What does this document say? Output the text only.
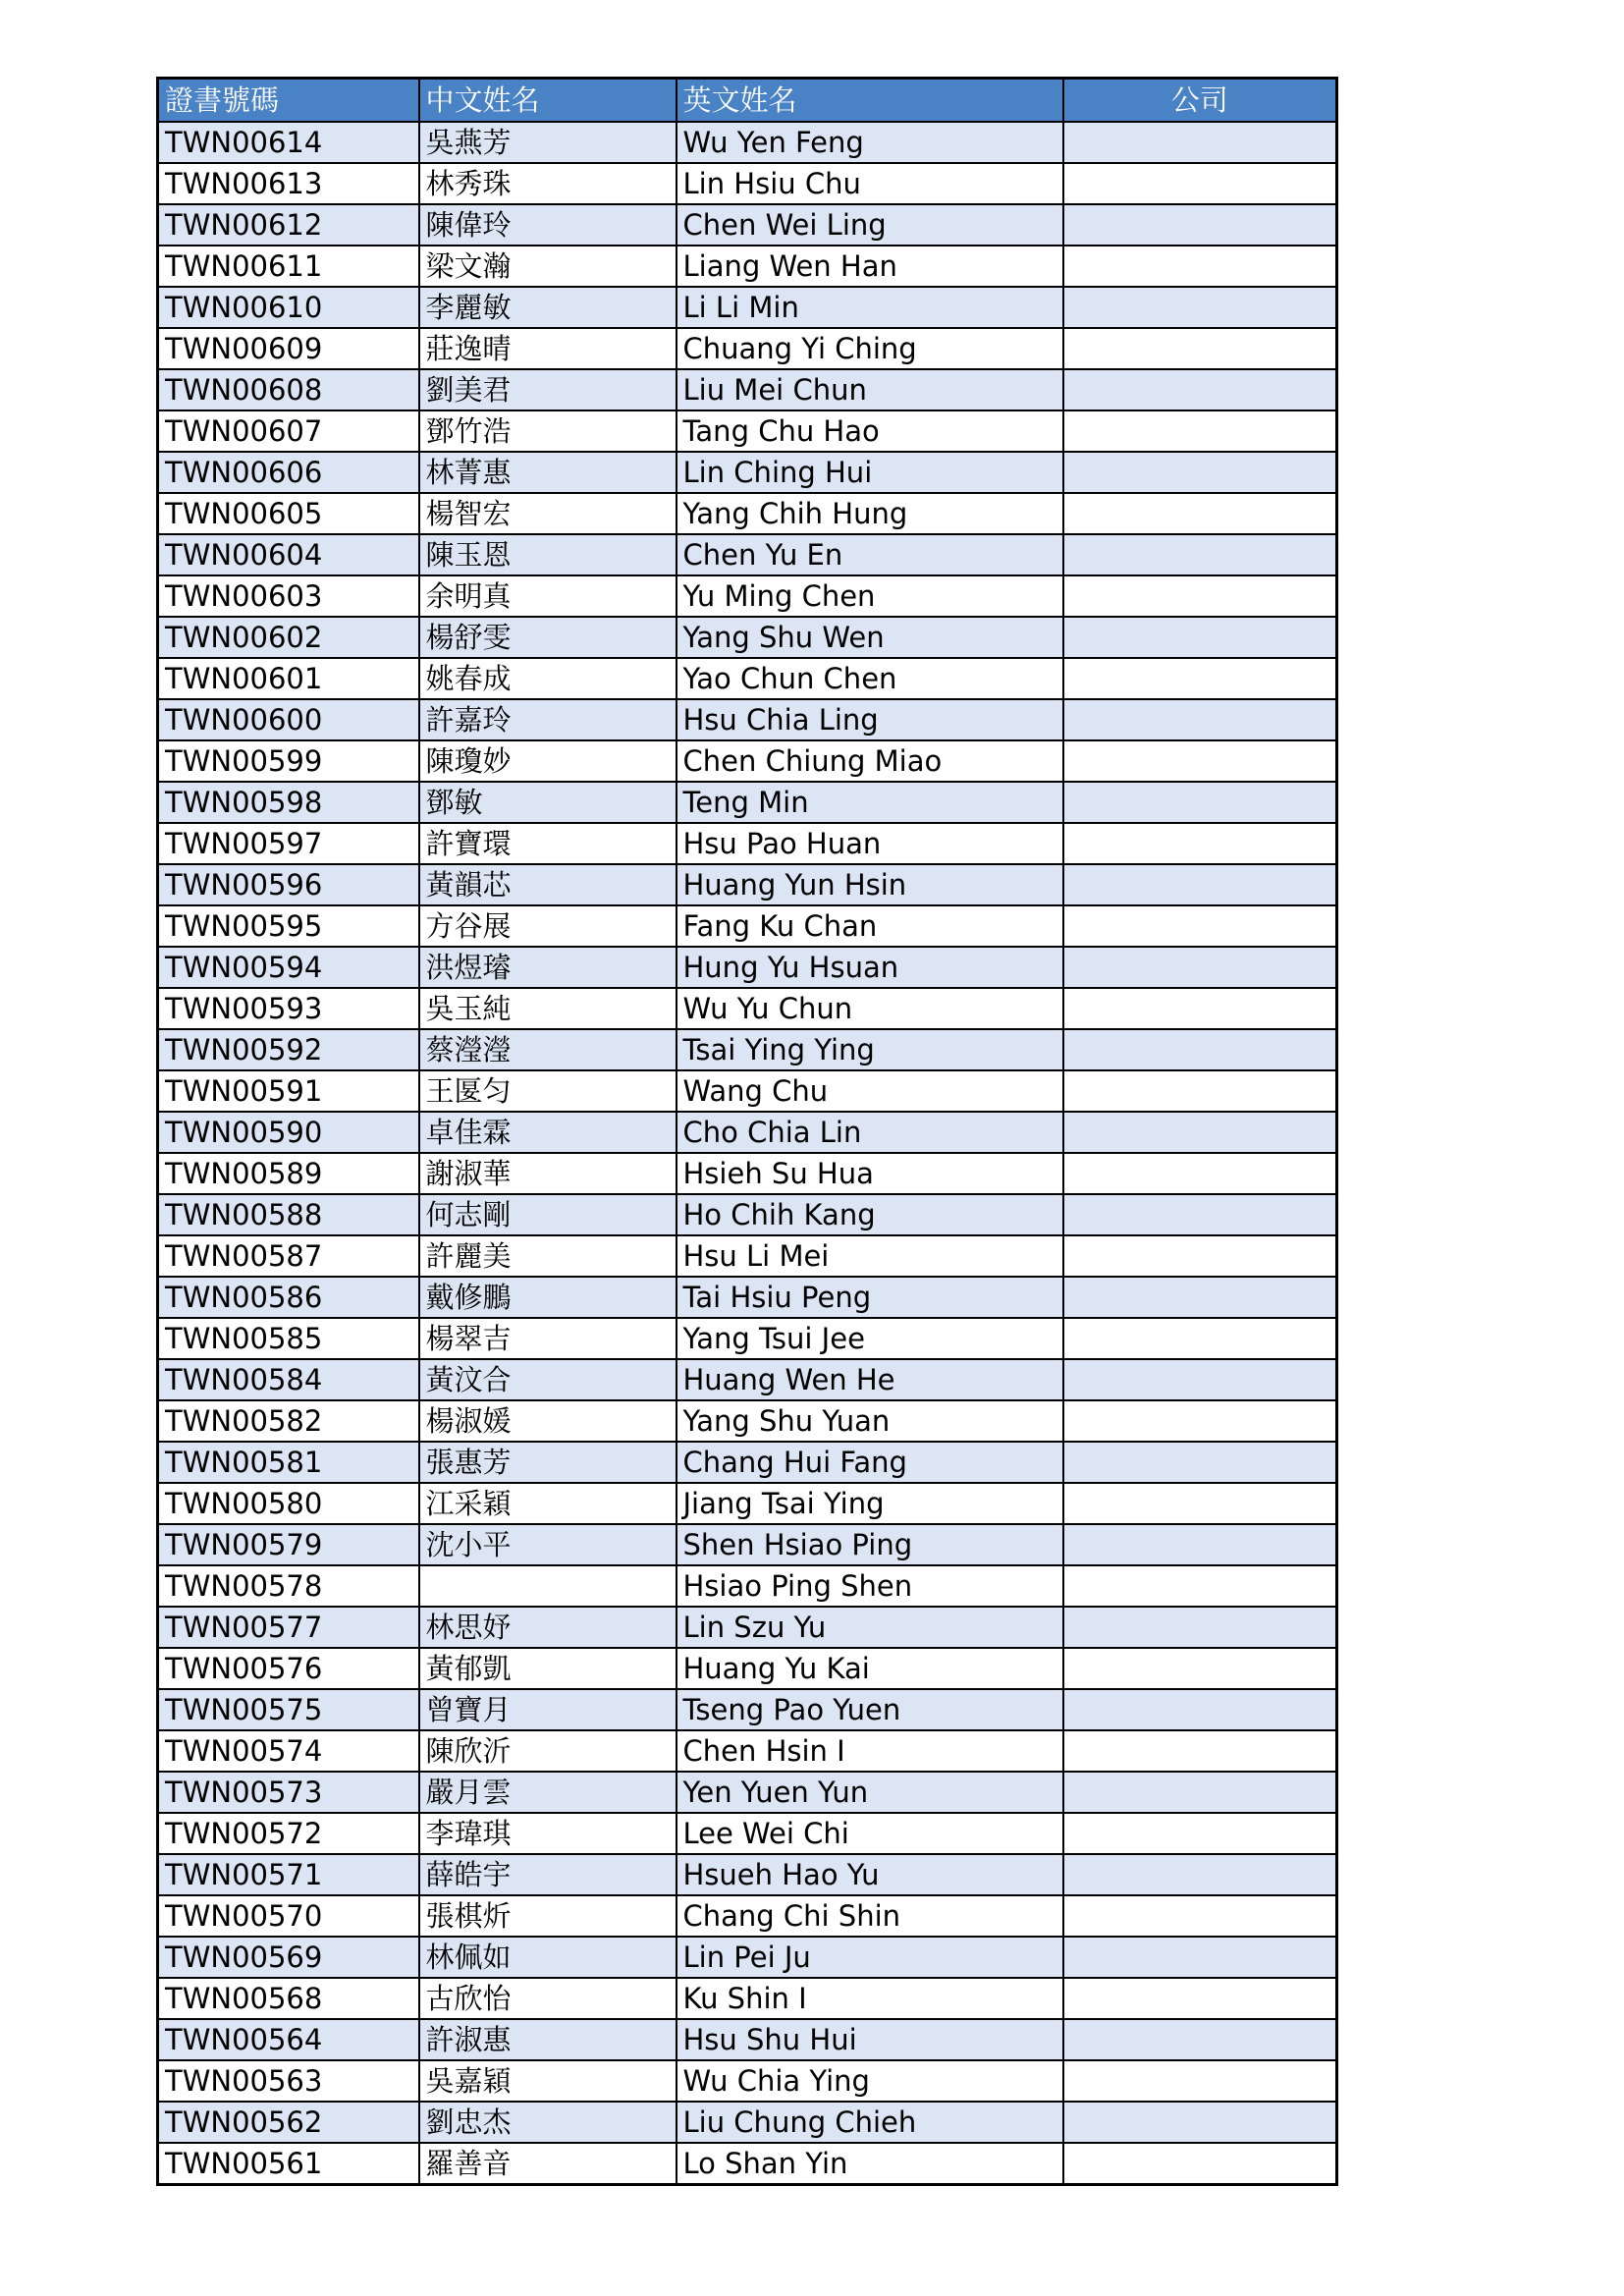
證書號碼	中文姓名	英文姓名	公司
TWN00614	吳燕芳	Wu Yen Feng	
TWN00613	林秀珠	Lin Hsiu Chu	
TWN00612	陳偉玲	Chen Wei Ling	
TWN00611	梁文瀚	Liang Wen Han	
TWN00610	李麗敏	Li Li Min	
TWN00609	莊逸晴	Chuang Yi Ching	
TWN00608	劉美君	Liu Mei Chun	
TWN00607	鄧竹浩	Tang Chu Hao	
TWN00606	林菁惠	Lin Ching Hui	
TWN00605	楊智宏	Yang Chih Hung	
TWN00604	陳玉恩	Chen Yu En	
TWN00603	余明真	Yu Ming Chen	
TWN00602	楊舒雯	Yang Shu Wen	
TWN00601	姚春成	Yao Chun Chen	
TWN00600	許嘉玲	Hsu Chia Ling	
TWN00599	陳瓊妙	Chen Chiung Miao	
TWN00598	鄧敏	Teng Min	
TWN00597	許寶環	Hsu Pao Huan	
TWN00596	黃韻芯	Huang Yun Hsin	
TWN00595	方谷展	Fang Ku Chan	
TWN00594	洪煜璿	Hung Yu Hsuan	
TWN00593	吳玉純	Wu Yu Chun	
TWN00592	蔡瀅瀅	Tsai Ying Ying	
TWN00591	王匽匀	Wang Chu	
TWN00590	卓佳霖	Cho Chia Lin	
TWN00589	謝淑華	Hsieh Su Hua	
TWN00588	何志剛	Ho Chih Kang	
TWN00587	許麗美	Hsu Li Mei	
TWN00586	戴修鵬	Tai Hsiu Peng	
TWN00585	楊翠吉	Yang Tsui Jee	
TWN00584	黃汶合	Huang Wen He	
TWN00582	楊淑媛	Yang Shu Yuan	
TWN00581	張惠芳	Chang Hui Fang	
TWN00580	江采穎	Jiang Tsai Ying	
TWN00579	沈小平	Shen Hsiao Ping	
TWN00578		Hsiao Ping Shen	
TWN00577	林思妤	Lin Szu Yu	
TWN00576	黃郁凱	Huang Yu Kai	
TWN00575	曾寶月	Tseng Pao Yuen	
TWN00574	陳欣沂	Chen Hsin I	
TWN00573	嚴月雲	Yen Yuen Yun	
TWN00572	李瑋琪	Lee Wei Chi	
TWN00571	薛皓宇	Hsueh Hao Yu	
TWN00570	張棋炘	Chang Chi Shin	
TWN00569	林佩如	Lin Pei Ju	
TWN00568	古欣怡	Ku Shin I	
TWN00564	許淑惠	Hsu Shu Hui	
TWN00563	吳嘉穎	Wu Chia Ying	
TWN00562	劉忠杰	Liu Chung Chieh	
TWN00561	羅善音	Lo Shan Yin	
